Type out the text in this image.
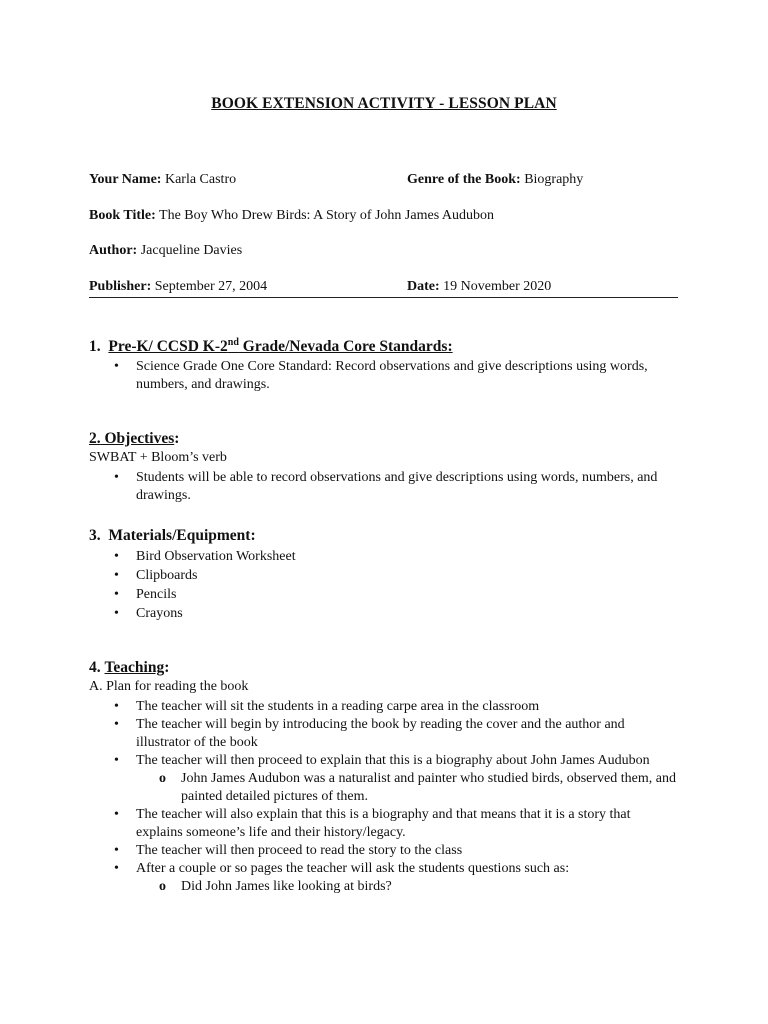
BOOK EXTENSION ACTIVITY - LESSON PLAN
Your Name: Karla Castro	Genre of the Book: Biography
Book Title: The Boy Who Drew Birds: A Story of John James Audubon
Author: Jacqueline Davies
Publisher: September 27, 2004	Date: 19 November 2020
1. Pre-K/ CCSD K-2nd Grade/Nevada Core Standards:
• Science Grade One Core Standard: Record observations and give descriptions using words, numbers, and drawings.
2. Objectives:
SWBAT + Bloom’s verb
• Students will be able to record observations and give descriptions using words, numbers, and drawings.
3. Materials/Equipment:
• Bird Observation Worksheet
• Clipboards
• Pencils
• Crayons
4. Teaching:
A. Plan for reading the book
• The teacher will sit the students in a reading carpe area in the classroom
• The teacher will begin by introducing the book by reading the cover and the author and illustrator of the book
• The teacher will then proceed to explain that this is a biography about John James Audubon
o John James Audubon was a naturalist and painter who studied birds, observed them, and painted detailed pictures of them.
• The teacher will also explain that this is a biography and that means that it is a story that explains someone’s life and their history/legacy.
• The teacher will then proceed to read the story to the class
• After a couple or so pages the teacher will ask the students questions such as:
o Did John James like looking at birds?
